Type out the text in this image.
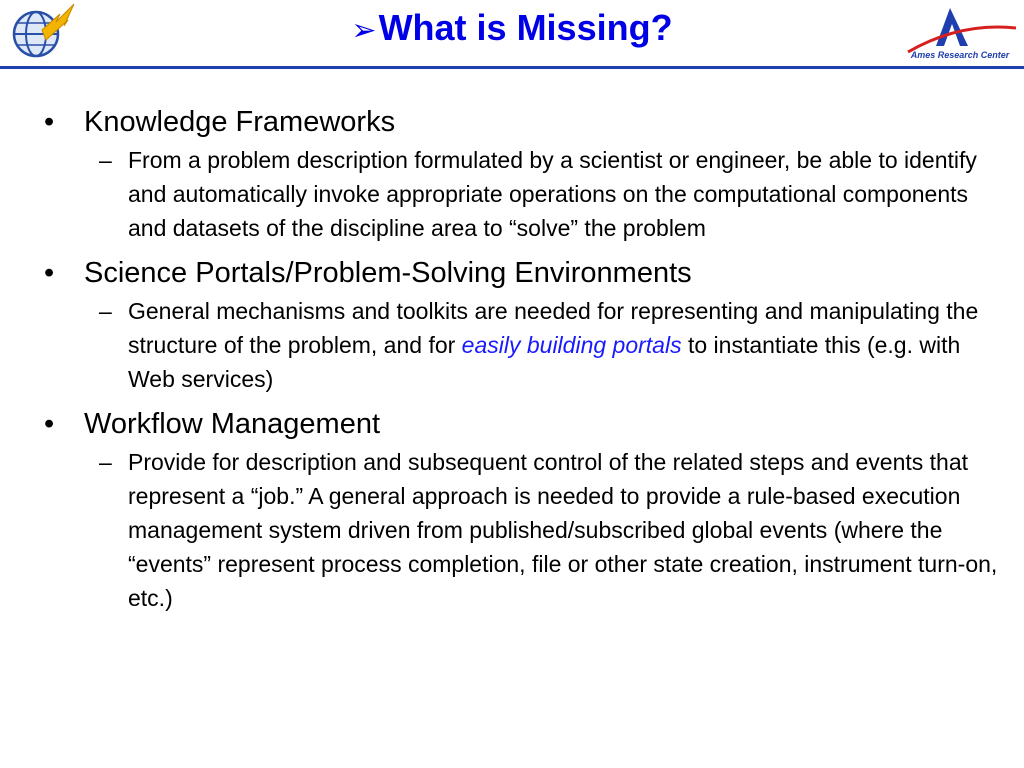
➢What is Missing?
Ames Research Center
• Knowledge Frameworks
– From a problem description formulated by a scientist or engineer, be able to identify and automatically invoke appropriate operations on the computational components and datasets of the discipline area to “solve” the problem
• Science Portals/Problem-Solving Environments
– General mechanisms and toolkits are needed for representing and manipulating the structure of the problem, and for easily building portals to instantiate this (e.g. with Web services)
• Workflow Management
– Provide for description and subsequent control of the related steps and events that represent a “job.” A general approach is needed to provide a rule-based execution management system driven from published/subscribed global events (where the “events” represent process completion, file or other state creation, instrument turn-on, etc.)
